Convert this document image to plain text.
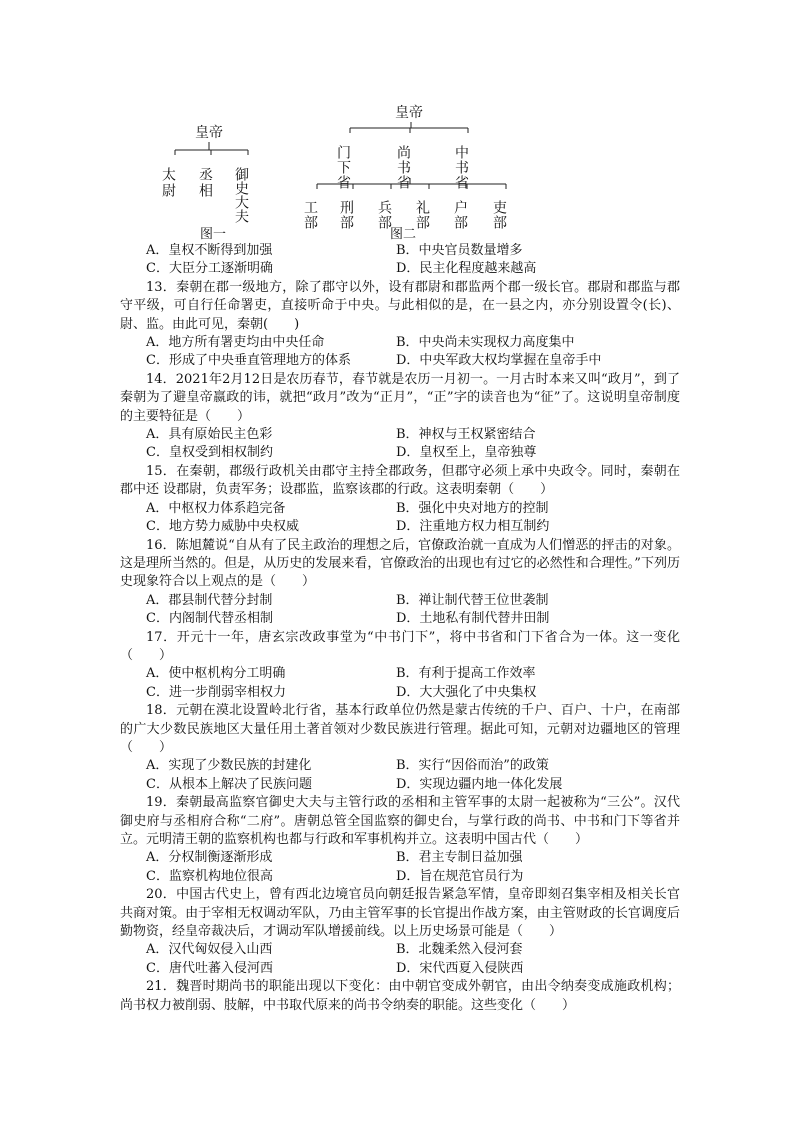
皇帝
太尉 丞相 御史大夫
图一
皇帝
门下省	尚书省	中书省
工部 刑部 兵部 礼部 户部 吏部
图二
A．皇权不断得到加强	B．中央官员数量增多
C．大臣分工逐渐明确	D．民主化程度越来越高

13．秦朝在郡一级地方，除了郡守以外，设有郡尉和郡监两个郡一级长官。郡尉和郡监与郡守平级，可自行任命署吏，直接听命于中央。与此相似的是，在一县之内，亦分别设置令(长)、尉、监。由此可见，秦朝(　　)

A．地方所有署吏均由中央任命	B．中央尚未实现权力高度集中
C．形成了中央垂直管理地方的体系	D．中央军政大权均掌握在皇帝手中

14．2021年2月12日是农历春节，春节就是农历一月初一。一月古时本来又叫“政月”，到了秦朝为了避皇帝嬴政的讳，就把“政月”改为“正月”，“正”字的读音也为“征”了。这说明皇帝制度的主要特征是（　　）

A．具有原始民主色彩	B．神权与王权紧密结合
C．皇权受到相权制约	D．皇权至上，皇帝独尊

15．在秦朝，郡级行政机关由郡守主持全郡政务，但郡守必须上承中央政令。同时，秦朝在郡中还 设郡尉，负责军务；设郡监，监察该郡的行政。这表明秦朝（　　）

A．中枢权力体系趋完备	B．强化中央对地方的控制
C．地方势力威胁中央权威	D．注重地方权力相互制约

16．陈旭麓说“自从有了民主政治的理想之后，官僚政治就一直成为人们憎恶的抨击的对象。这是理所当然的。但是，从历史的发展来看，官僚政治的出现也有过它的必然性和合理性。”下列历史现象符合以上观点的是（　　）

A．郡县制代替分封制	B．禅让制代替王位世袭制
C．内阁制代替丞相制	D．土地私有制代替井田制

17．开元十一年，唐玄宗改政事堂为“中书门下”，将中书省和门下省合为一体。这一变化（　　）

A．使中枢机构分工明确	B．有利于提高工作效率
C．进一步削弱宰相权力	D．大大强化了中央集权

18．元朝在漠北设置岭北行省，基本行政单位仍然是蒙古传统的千户、百户、十户，在南部的广大少数民族地区大量任用土著首领对少数民族进行管理。据此可知，元朝对边疆地区的管理（　　）

A．实现了少数民族的封建化	B．实行“因俗而治”的政策
C．从根本上解决了民族问题	D．实现边疆内地一体化发展

19．秦朝最高监察官御史大夫与主管行政的丞相和主管军事的太尉一起被称为“三公”。汉代御史府与丞相府合称“二府”。唐朝总管全国监察的御史台，与掌行政的尚书、中书和门下等省并立。元明清王朝的监察机构也都与行政和军事机构并立。这表明中国古代（　　）

A．分权制衡逐渐形成	B．君主专制日益加强
C．监察机构地位很高	D．旨在规范官员行为

20．中国古代史上，曾有西北边境官员向朝廷报告紧急军情，皇帝即刻召集宰相及相关长官共商对策。由于宰相无权调动军队，乃由主管军事的长官提出作战方案，由主管财政的长官调度后勤物资，经皇帝裁决后，才调动军队增援前线。以上历史场景可能是（　　）

A．汉代匈奴侵入山西	B．北魏柔然入侵河套
C．唐代吐蕃入侵河西	D．宋代西夏入侵陕西

21．魏晋时期尚书的职能出现以下变化：由中朝官变成外朝官，由出令纳奏变成施政机构；尚书权力被削弱、肢解，中书取代原来的尚书令纳奏的职能。这些变化（　　）
